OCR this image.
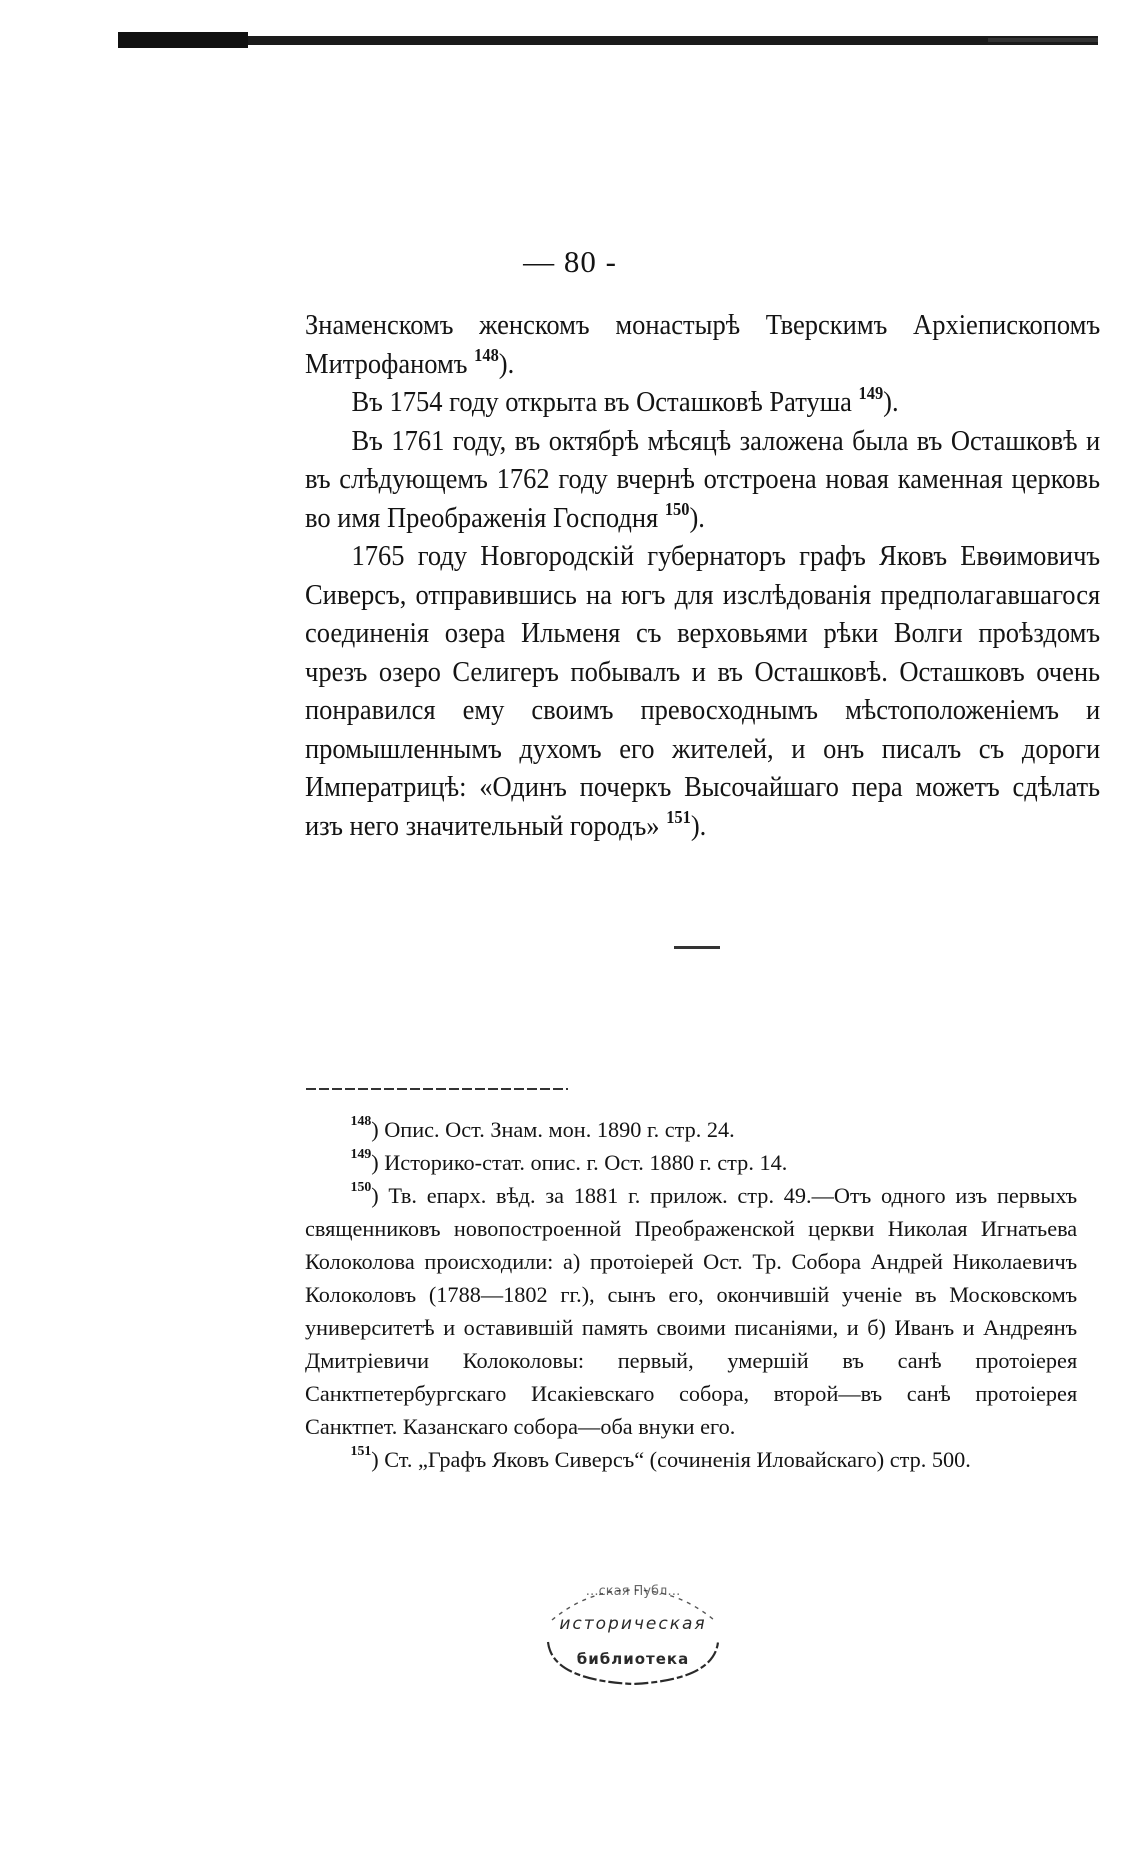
— 80 -

Знаменскомъ женскомъ монастырѣ Тверскимъ Архіепископомъ Митрофаномъ $^{148}$).

Въ 1754 году открыта въ Осташковѣ Ратуша $^{149}$).

Въ 1761 году, въ октябрѣ мѣсяцѣ заложена была въ Осташковѣ и въ слѣдующемъ 1762 году вчернѣ отстроена новая каменная церковь во имя Преображенія Господня $^{150}$).

1765 году Новгородскій губернаторъ графъ Яковъ Евѳимовичъ Сиверсъ, отправившись на югъ для изслѣдованія предполагавшагося соединенія озера Ильменя съ верховьями рѣки Волги проѣздомъ чрезъ озеро Селигеръ побывалъ и въ Осташковѣ. Осташковъ очень понравился ему своимъ превосходнымъ мѣстоположеніемъ и промышленнымъ духомъ его жителей, и онъ писалъ съ дороги Императрицѣ: «Одинъ почеркъ Высочайшаго пера можетъ сдѣлать изъ него значительный городъ» $^{151}$).

$^{148}$) Опис. Ост. Знам. мон. 1890 г. стр. 24.

$^{149}$) Историко-стат. опис. г. Ост. 1880 г. стр. 14.

$^{150}$) Тв. епарх. вѣд. за 1881 г. прилож. стр. 49.—Отъ одного изъ первыхъ священниковъ новопостроенной Преображенской церкви Николая Игнатьева Колоколова происходили: а) протоіерей Ост. Тр. Собора Андрей Николаевичъ Колоколовъ (1788—1802 гг.), сынъ его, окончившій ученіе въ Московскомъ университетѣ и оставившій память своими писаніями, и б) Иванъ и Андреянъ Дмитріевичи Колоколовы: первый, умершій въ санѣ протоіерея Санктпетербургскаго Исакіевскаго собора, второй—въ санѣ протоіерея Санктпет. Казанскаго собора—оба внуки его.

$^{151}$) Ст. „Графъ Яковъ Сиверсъ“ (сочиненія Иловайскаго) стр. 500.

…ская Публ…
историческая
библиотека
